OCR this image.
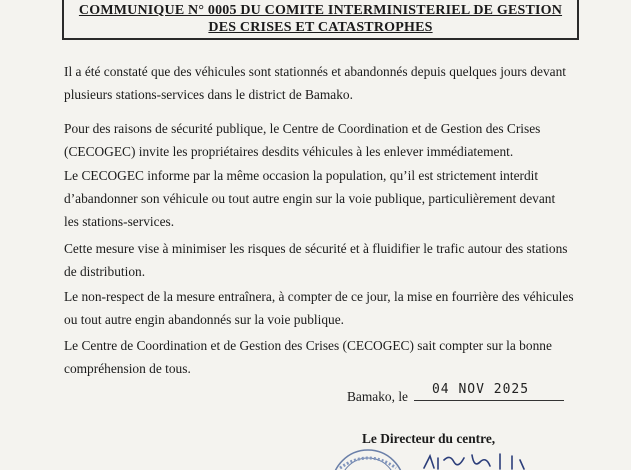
COMMUNIQUE N° 0005 DU COMITE INTERMINISTERIEL DE GESTION
DES CRISES ET CATASTROPHES
Il a été constaté que des véhicules sont stationnés et abandonnés depuis quelques jours devant
plusieurs stations-services dans le district de Bamako.
Pour des raisons de sécurité publique, le Centre de Coordination et de Gestion des Crises
(CECOGEC) invite les propriétaires desdits véhicules à les enlever immédiatement.
Le CECOGEC informe par la même occasion la population, qu’il est strictement interdit
d’abandonner son véhicule ou tout autre engin sur la voie publique, particulièrement devant
les stations-services.
Cette mesure vise à minimiser les risques de sécurité et à fluidifier le trafic autour des stations
de distribution.
Le non-respect de la mesure entraînera, à compter de ce jour, la mise en fourrière des véhicules
ou tout autre engin abandonnés sur la voie publique.
Le Centre de Coordination et de Gestion des Crises (CECOGEC) sait compter sur la bonne
compréhension de tous.
Bamako, le 04 NOV 2025
Le Directeur du centre,
